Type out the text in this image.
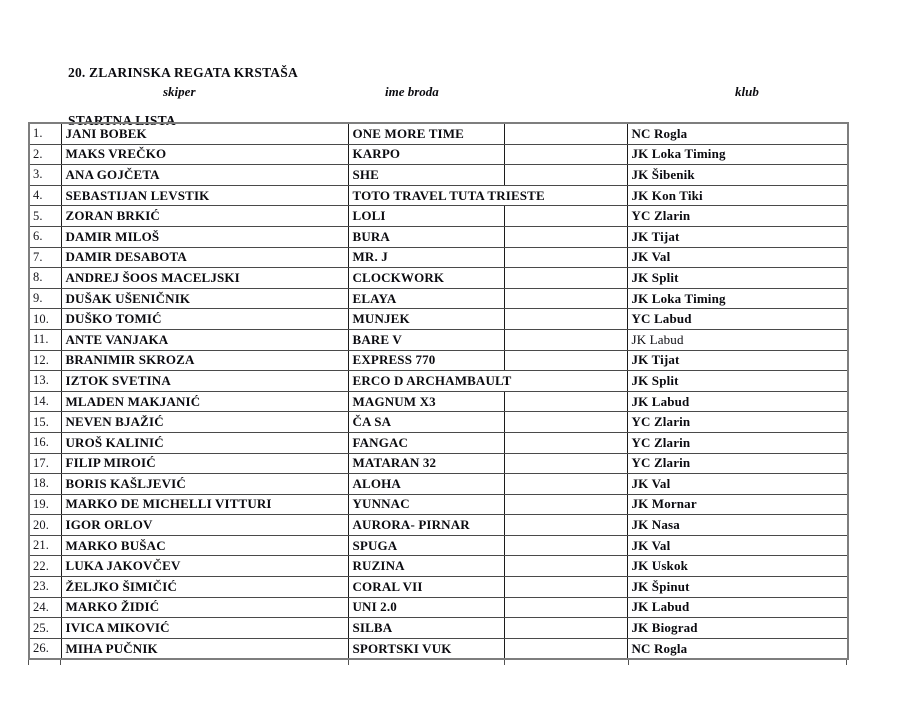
20. ZLARINSKA REGATA KRSTAŠA

STARTNA LISTA

skiper	ime broda	klub
1.	JANI BOBEK	ONE MORE TIME		NC Rogla
2.	MAKS VREČKO	KARPO		JK Loka Timing
3.	ANA GOJČETA	SHE		JK Šibenik
4.	SEBASTIJAN LEVSTIK	TOTO TRAVEL TUTA TRIESTE		JK Kon Tiki
5.	ZORAN BRKIĆ	LOLI		YC Zlarin
6.	DAMIR MILOŠ	BURA		JK Tijat
7.	DAMIR DESABOTA	MR. J		JK Val
8.	ANDREJ ŠOOS MACELJSKI	CLOCKWORK		JK Split
9.	DUŠAK UŠENIČNIK	ELAYA		JK Loka Timing
10.	DUŠKO TOMIĆ	MUNJEK		YC Labud
11.	ANTE VANJAKA	BARE V		JK Labud
12.	BRANIMIR SKROZA	EXPRESS 770		JK Tijat
13.	IZTOK SVETINA	ERCO D ARCHAMBAULT		JK Split
14.	MLADEN MAKJANIĆ	MAGNUM X3		JK Labud
15.	NEVEN BJAŽIĆ	ČA SA		YC Zlarin
16.	UROŠ KALINIĆ	FANGAC		YC Zlarin
17.	FILIP MIROIĆ	MATARAN 32		YC Zlarin
18.	BORIS KAŠLJEVIĆ	ALOHA		JK Val
19.	MARKO DE MICHELLI VITTURI	YUNNAC		JK Mornar
20.	IGOR ORLOV	AURORA- PIRNAR		JK Nasa
21.	MARKO BUŠAC	SPUGA		JK Val
22.	LUKA JAKOVČEV	RUZINA		JK Uskok
23.	ŽELJKO ŠIMIČIĆ	CORAL VII		JK Špinut
24.	MARKO ŽIDIĆ	UNI 2.0		JK Labud
25.	IVICA MIKOVIĆ	SILBA		JK Biograd
26.	MIHA PUČNIK	SPORTSKI VUK		NC Rogla
